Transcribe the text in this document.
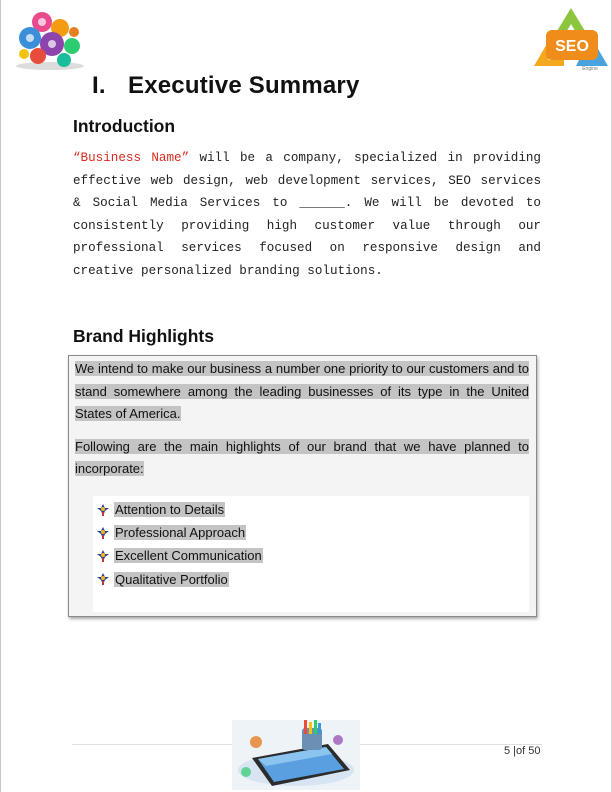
SEO
Engine
I. Executive Summary
Introduction

“Business Name” will be a company, specialized in providing effective web design, web development services, SEO services & Social Media Services to ______. We will be devoted to consistently providing high customer value through our professional services focused on responsive design and creative personalized branding solutions.

Brand Highlights

We intend to make our business a number one priority to our customers and to stand somewhere among the leading businesses of its type in the United States of America.

Following are the main highlights of our brand that we have planned to incorporate:

Attention to Details
Professional Approach
Excellent Communication
Qualitative Portfolio
5 |of 50
